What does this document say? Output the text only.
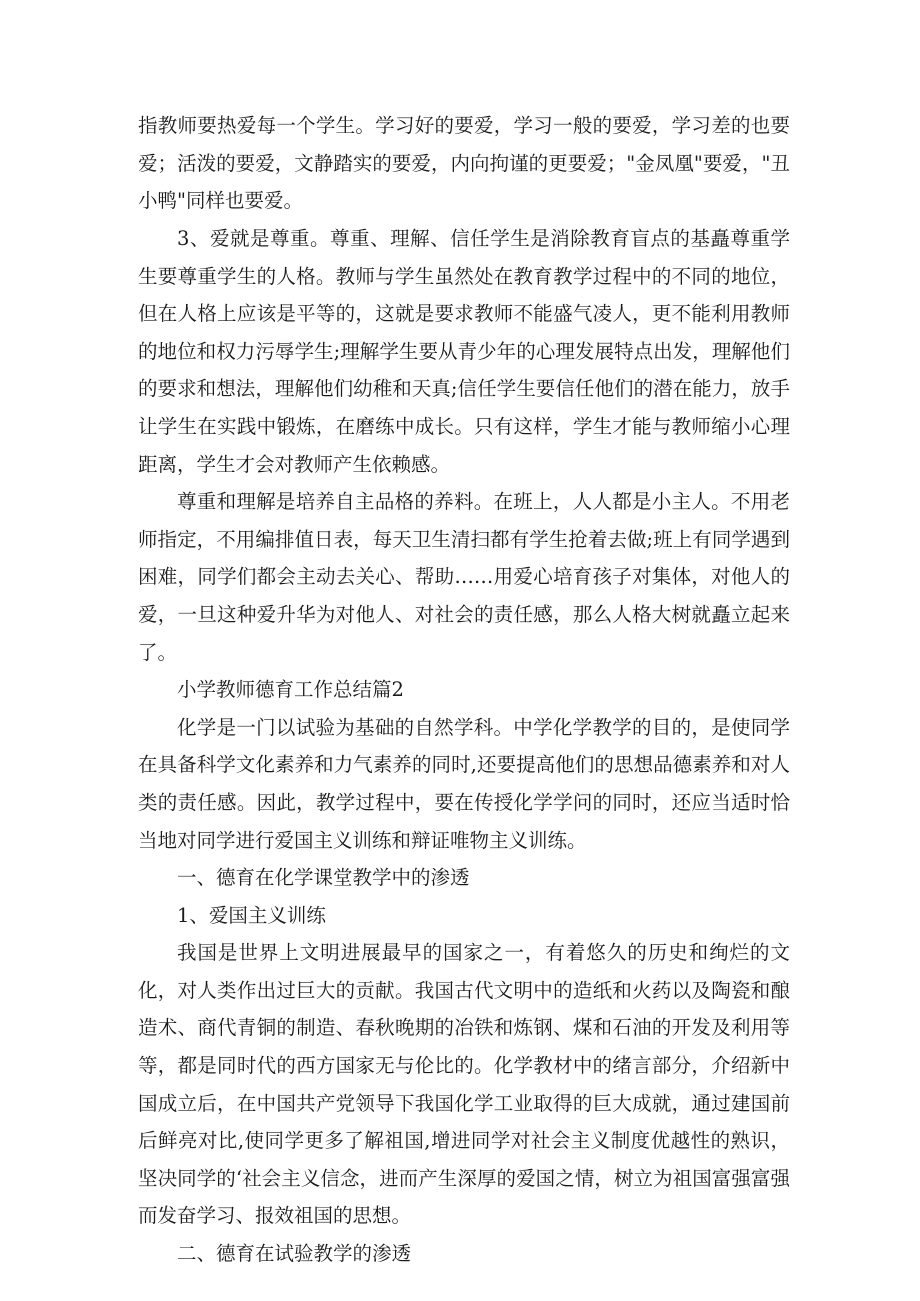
指教师要热爱每一个学生。学习好的要爱，学习一般的要爱，学习差的也要爱；活泼的要爱，文静踏实的要爱，内向拘谨的更要爱；"金凤凰"要爱，"丑小鸭"同样也要爱。

3、爱就是尊重。尊重、理解、信任学生是消除教育盲点的基矗尊重学生要尊重学生的人格。教师与学生虽然处在教育教学过程中的不同的地位，但在人格上应该是平等的，这就是要求教师不能盛气凌人，更不能利用教师的地位和权力污辱学生;理解学生要从青少年的心理发展特点出发，理解他们的要求和想法，理解他们幼稚和天真;信任学生要信任他们的潜在能力，放手让学生在实践中锻炼，在磨练中成长。只有这样，学生才能与教师缩小心理距离，学生才会对教师产生依赖感。

尊重和理解是培养自主品格的养料。在班上，人人都是小主人。不用老师指定，不用编排值日表，每天卫生清扫都有学生抢着去做;班上有同学遇到困难，同学们都会主动去关心、帮助……用爱心培育孩子对集体，对他人的爱，一旦这种爱升华为对他人、对社会的责任感，那么人格大树就矗立起来了。

小学教师德育工作总结篇2

化学是一门以试验为基础的自然学科。中学化学教学的目的，是使同学在具备科学文化素养和力气素养的同时,还要提高他们的思想品德素养和对人类的责任感。因此，教学过程中，要在传授化学学问的同时，还应当适时恰当地对同学进行爱国主义训练和辩证唯物主义训练。

一、德育在化学课堂教学中的渗透

1、爱国主义训练

我国是世界上文明进展最早的国家之一，有着悠久的历史和绚烂的文化，对人类作出过巨大的贡献。我国古代文明中的造纸和火药以及陶瓷和酿造术、商代青铜的制造、春秋晚期的冶铁和炼钢、煤和石油的开发及利用等等，都是同时代的西方国家无与伦比的。化学教材中的绪言部分，介绍新中国成立后，在中国共产党领导下我国化学工业取得的巨大成就，通过建国前后鲜亮对比,使同学更多了解祖国,增进同学对社会主义制度优越性的熟识，坚决同学的‘社会主义信念，进而产生深厚的爱国之情，树立为祖国富强富强而发奋学习、报效祖国的思想。

二、德育在试验教学的渗透
